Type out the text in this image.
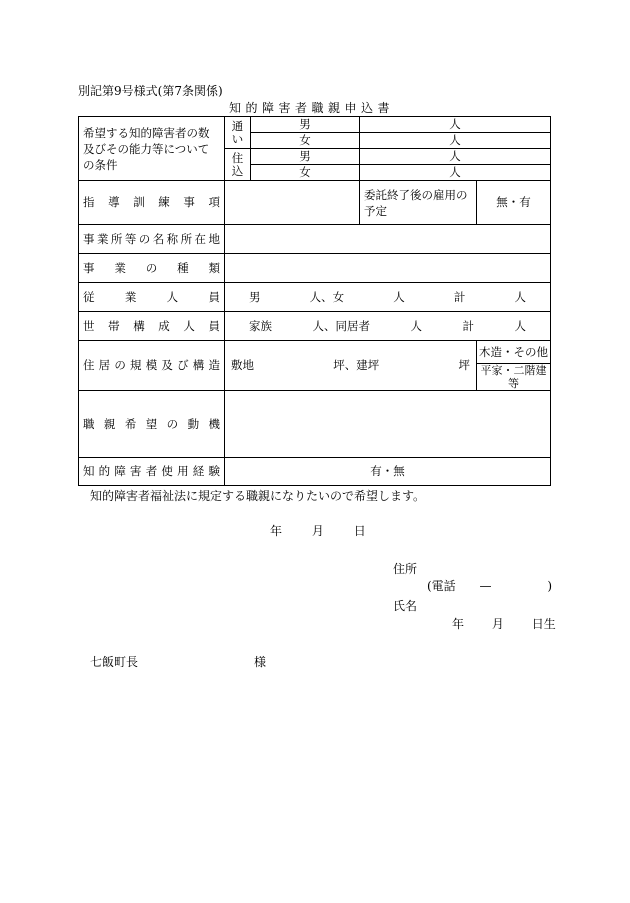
別記第9号様式(第7条関係)
知的障害者職親申込書
希望する知的障害者の数及びその能力等についての条件	通い	男	人	
		女	人	
	住込	男	人	
		女	人	
指導訓練事項			委託終了後の雇用の予定	無・有
事業所等の名称所在地				
事業の種類				
従業人員	男 人、女 人 計 人			

世帯構成人員	家族 人、同居者 人 計 人			

住居の規模及び構造	敷地 坪、建坪 坪			木造・その他
				平家・二階建等
職親希望の動機				
知的障害者使用経験	有・無			
知的障害者福祉法に規定する職親になりたいので希望します。
年 月 日
住所
(電話 —	)
氏名
年 月 日生
七飯町長	様
